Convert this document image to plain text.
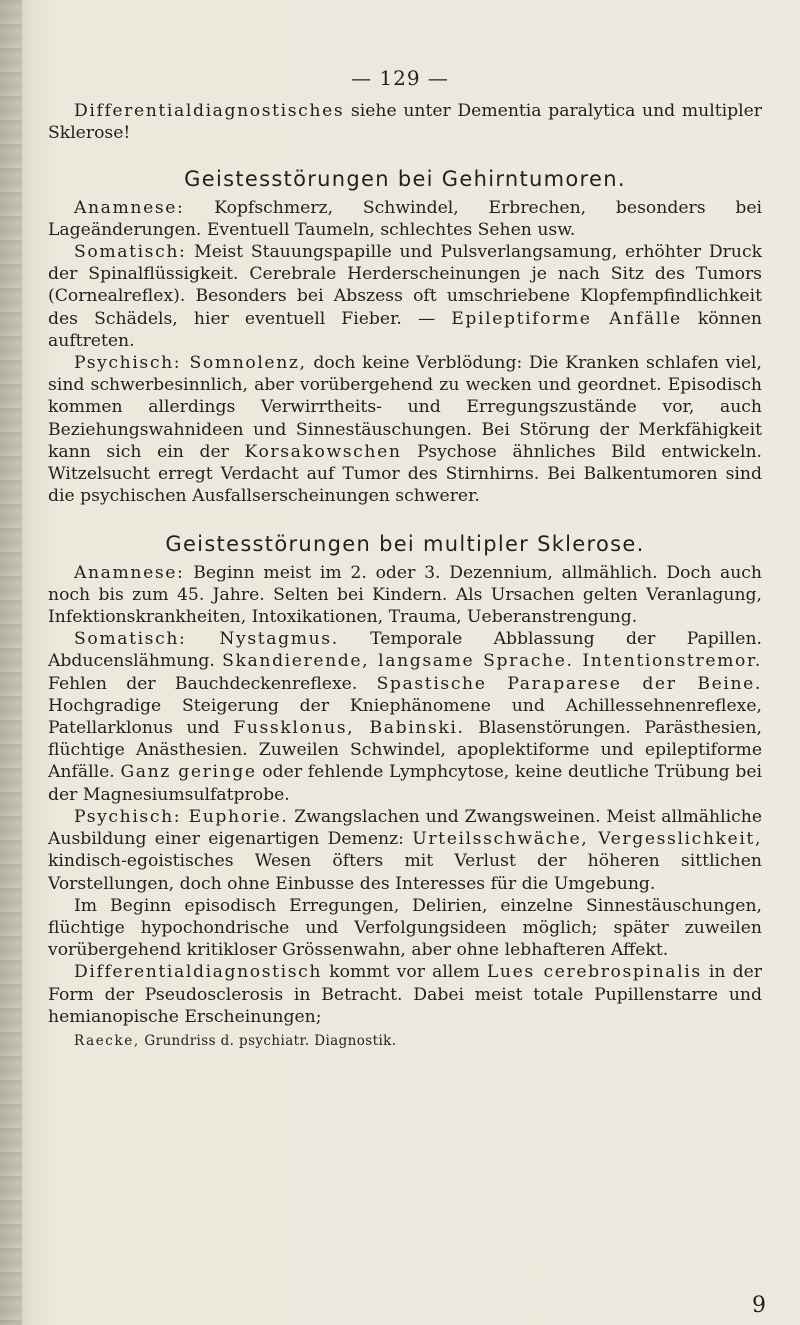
— 129 —

Differentialdiagnostisches siehe unter Dementia paralytica und multipler Sklerose!

Geistesstörungen bei Gehirntumoren.

Anamnese: Kopfschmerz, Schwindel, Erbrechen, besonders bei Lageänderungen. Eventuell Taumeln, schlechtes Sehen usw.

Somatisch: Meist Stauungspapille und Pulsverlangsamung, erhöhter Druck der Spinalflüssigkeit. Cerebrale Herderscheinungen je nach Sitz des Tumors (Cornealreflex). Besonders bei Abszess oft umschriebene Klopfempfindlichkeit des Schädels, hier eventuell Fieber. — Epileptiforme Anfälle können auftreten.

Psychisch: Somnolenz, doch keine Verblödung: Die Kranken schlafen viel, sind schwerbesinnlich, aber vorübergehend zu wecken und geordnet. Episodisch kommen allerdings Verwirrtheits- und Erregungszustände vor, auch Beziehungswahnideen und Sinnestäuschungen. Bei Störung der Merkfähigkeit kann sich ein der Korsakowschen Psychose ähnliches Bild entwickeln. Witzelsucht erregt Verdacht auf Tumor des Stirnhirns. Bei Balkentumoren sind die psychischen Ausfallserscheinungen schwerer.

Geistesstörungen bei multipler Sklerose.

Anamnese: Beginn meist im 2. oder 3. Dezennium, allmählich. Doch auch noch bis zum 45. Jahre. Selten bei Kindern. Als Ursachen gelten Veranlagung, Infektionskrankheiten, Intoxikationen, Trauma, Ueberanstrengung.

Somatisch: Nystagmus. Temporale Abblassung der Papillen. Abducenslähmung. Skandierende, langsame Sprache. Intentionstremor. Fehlen der Bauchdeckenreflexe. Spastische Paraparese der Beine. Hochgradige Steigerung der Kniephänomene und Achillessehnenreflexe, Patellarklonus und Fussklonus, Babinski. Blasenstörungen. Parästhesien, flüchtige Anästhesien. Zuweilen Schwindel, apoplektiforme und epileptiforme Anfälle. Ganz geringe oder fehlende Lymphcytose, keine deutliche Trübung bei der Magnesiumsulfatprobe.

Psychisch: Euphorie. Zwangslachen und Zwangsweinen. Meist allmähliche Ausbildung einer eigenartigen Demenz: Urteilsschwäche, Vergesslichkeit, kindisch-egoistisches Wesen öfters mit Verlust der höheren sittlichen Vorstellungen, doch ohne Einbusse des Interesses für die Umgebung.

Im Beginn episodisch Erregungen, Delirien, einzelne Sinnestäuschungen, flüchtige hypochondrische und Verfolgungsideen möglich; später zuweilen vorübergehend kritikloser Grössenwahn, aber ohne lebhafteren Affekt.

Differentialdiagnostisch kommt vor allem Lues cerebrospinalis in der Form der Pseudosclerosis in Betracht. Dabei meist totale Pupillenstarre und hemianopische Erscheinungen;

Raecke, Grundriss d. psychiatr. Diagnostik.

9
